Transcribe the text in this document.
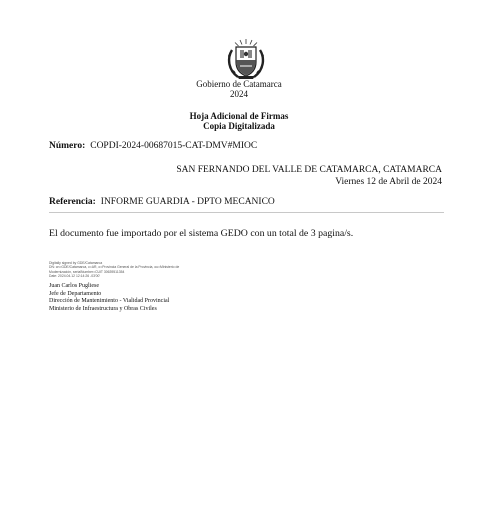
Gobierno de Catamarca
2024
Hoja Adicional de Firmas
Copia Digitalizada
Número: COPDI-2024-00687015-CAT-DMV#MIOC
SAN FERNANDO DEL VALLE DE CATAMARCA, CATAMARCA
Viernes 12 de Abril de 2024
Referencia: INFORME GUARDIA - DPTO MECANICO
El documento fue importado por el sistema GEDO con un total de 3 pagina/s.
Digitally signed by GDE/Catamarca
DN: cn=GDE/Catamarca, c=AR, o=Provincia General de la Provincia, ou=Ministerio de
Modernización, serialNumber=CUIT 30639511354
Date: 2024.04.12 12:14:26 -03'00'
Juan Carlos Pugliese
Jefe de Departamento
Dirección de Mantenimiento - Vialidad Provincial
Ministerio de Infraestructura y Obras Civiles
